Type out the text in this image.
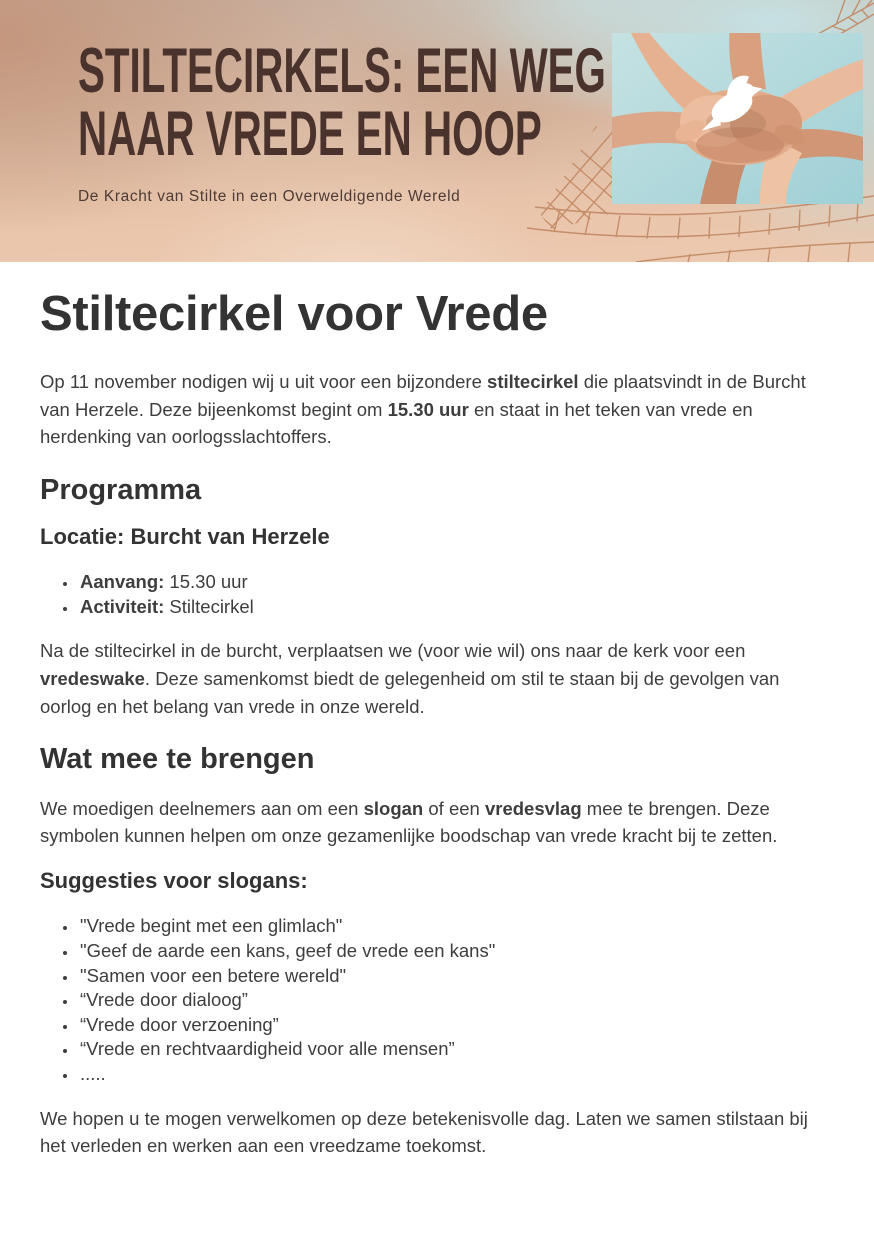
STILTECIRKELS: EEN WEG
NAAR VREDE EN HOOP

De Kracht van Stilte in een Overweldigende Wereld

Stiltecirkel voor Vrede

Op 11 november nodigen wij u uit voor een bijzondere stiltecirkel die plaatsvindt in de Burcht van Herzele. Deze bijeenkomst begint om 15.30 uur en staat in het teken van vrede en herdenking van oorlogsslachtoffers.

Programma
Locatie: Burcht van Herzele
• Aanvang: 15.30 uur
• Activiteit: Stiltecirkel

Na de stiltecirkel in de burcht, verplaatsen we (voor wie wil) ons naar de kerk voor een vredeswake. Deze samenkomst biedt de gelegenheid om stil te staan bij de gevolgen van oorlog en het belang van vrede in onze wereld.

Wat mee te brengen

We moedigen deelnemers aan om een slogan of een vredesvlag mee te brengen. Deze symbolen kunnen helpen om onze gezamenlijke boodschap van vrede kracht bij te zetten.

Suggesties voor slogans:
• "Vrede begint met een glimlach"
• "Geef de aarde een kans, geef de vrede een kans"
• "Samen voor een betere wereld"
• “Vrede door dialoog”
• “Vrede door verzoening”
• “Vrede en rechtvaardigheid voor alle mensen”
• .....

We hopen u te mogen verwelkomen op deze betekenisvolle dag. Laten we samen stilstaan bij het verleden en werken aan een vreedzame toekomst.
